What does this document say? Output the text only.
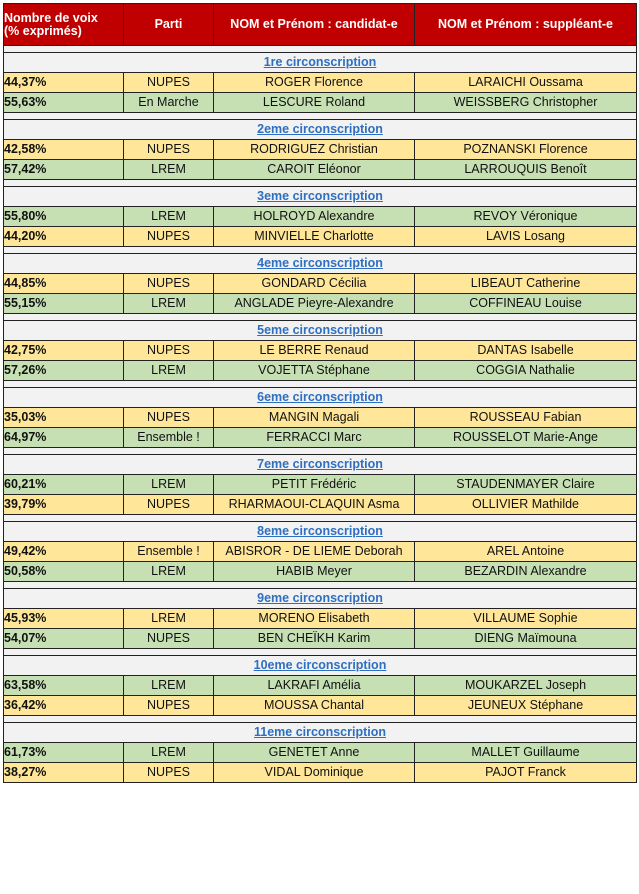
Nombre de voix
(% exprimés)	Parti	NOM et Prénom : candidat-e	NOM et Prénom : suppléant-e

1re circonscription			
44,37%	NUPES	ROGER Florence	LARAICHI Oussama
55,63%	En Marche	LESCURE Roland	WEISSBERG Christopher

2eme circonscription			
42,58%	NUPES	RODRIGUEZ Christian	POZNANSKI Florence
57,42%	LREM	CAROIT Eléonor	LARROUQUIS Benoît

3eme circonscription			
55,80%	LREM	HOLROYD Alexandre	REVOY Véronique
44,20%	NUPES	MINVIELLE Charlotte	LAVIS Losang

4eme circonscription			
44,85%	NUPES	GONDARD Cécilia	LIBEAUT Catherine
55,15%	LREM	ANGLADE Pieyre-Alexandre	COFFINEAU Louise

5eme circonscription			
42,75%	NUPES	LE BERRE Renaud	DANTAS Isabelle
57,26%	LREM	VOJETTA Stéphane	COGGIA Nathalie

6eme circonscription			
35,03%	NUPES	MANGIN Magali	ROUSSEAU Fabian
64,97%	Ensemble !	FERRACCI Marc	ROUSSELOT Marie-Ange

7eme circonscription			
60,21%	LREM	PETIT Frédéric	STAUDENMAYER Claire
39,79%	NUPES	RHARMAOUI-CLAQUIN Asma	OLLIVIER Mathilde

8eme circonscription			
49,42%	Ensemble !	ABISROR - DE LIEME Deborah	AREL Antoine
50,58%	LREM	HABIB Meyer	BEZARDIN Alexandre

9eme circonscription			
45,93%	LREM	MORENO Elisabeth	VILLAUME Sophie
54,07%	NUPES	BEN CHEÏKH Karim	DIENG Maïmouna

10eme circonscription			
63,58%	LREM	LAKRAFI Amélia	MOUKARZEL Joseph
36,42%	NUPES	MOUSSA Chantal	JEUNEUX Stéphane

11eme circonscription			
61,73%	LREM	GENETET Anne	MALLET Guillaume
38,27%	NUPES	VIDAL Dominique	PAJOT Franck
